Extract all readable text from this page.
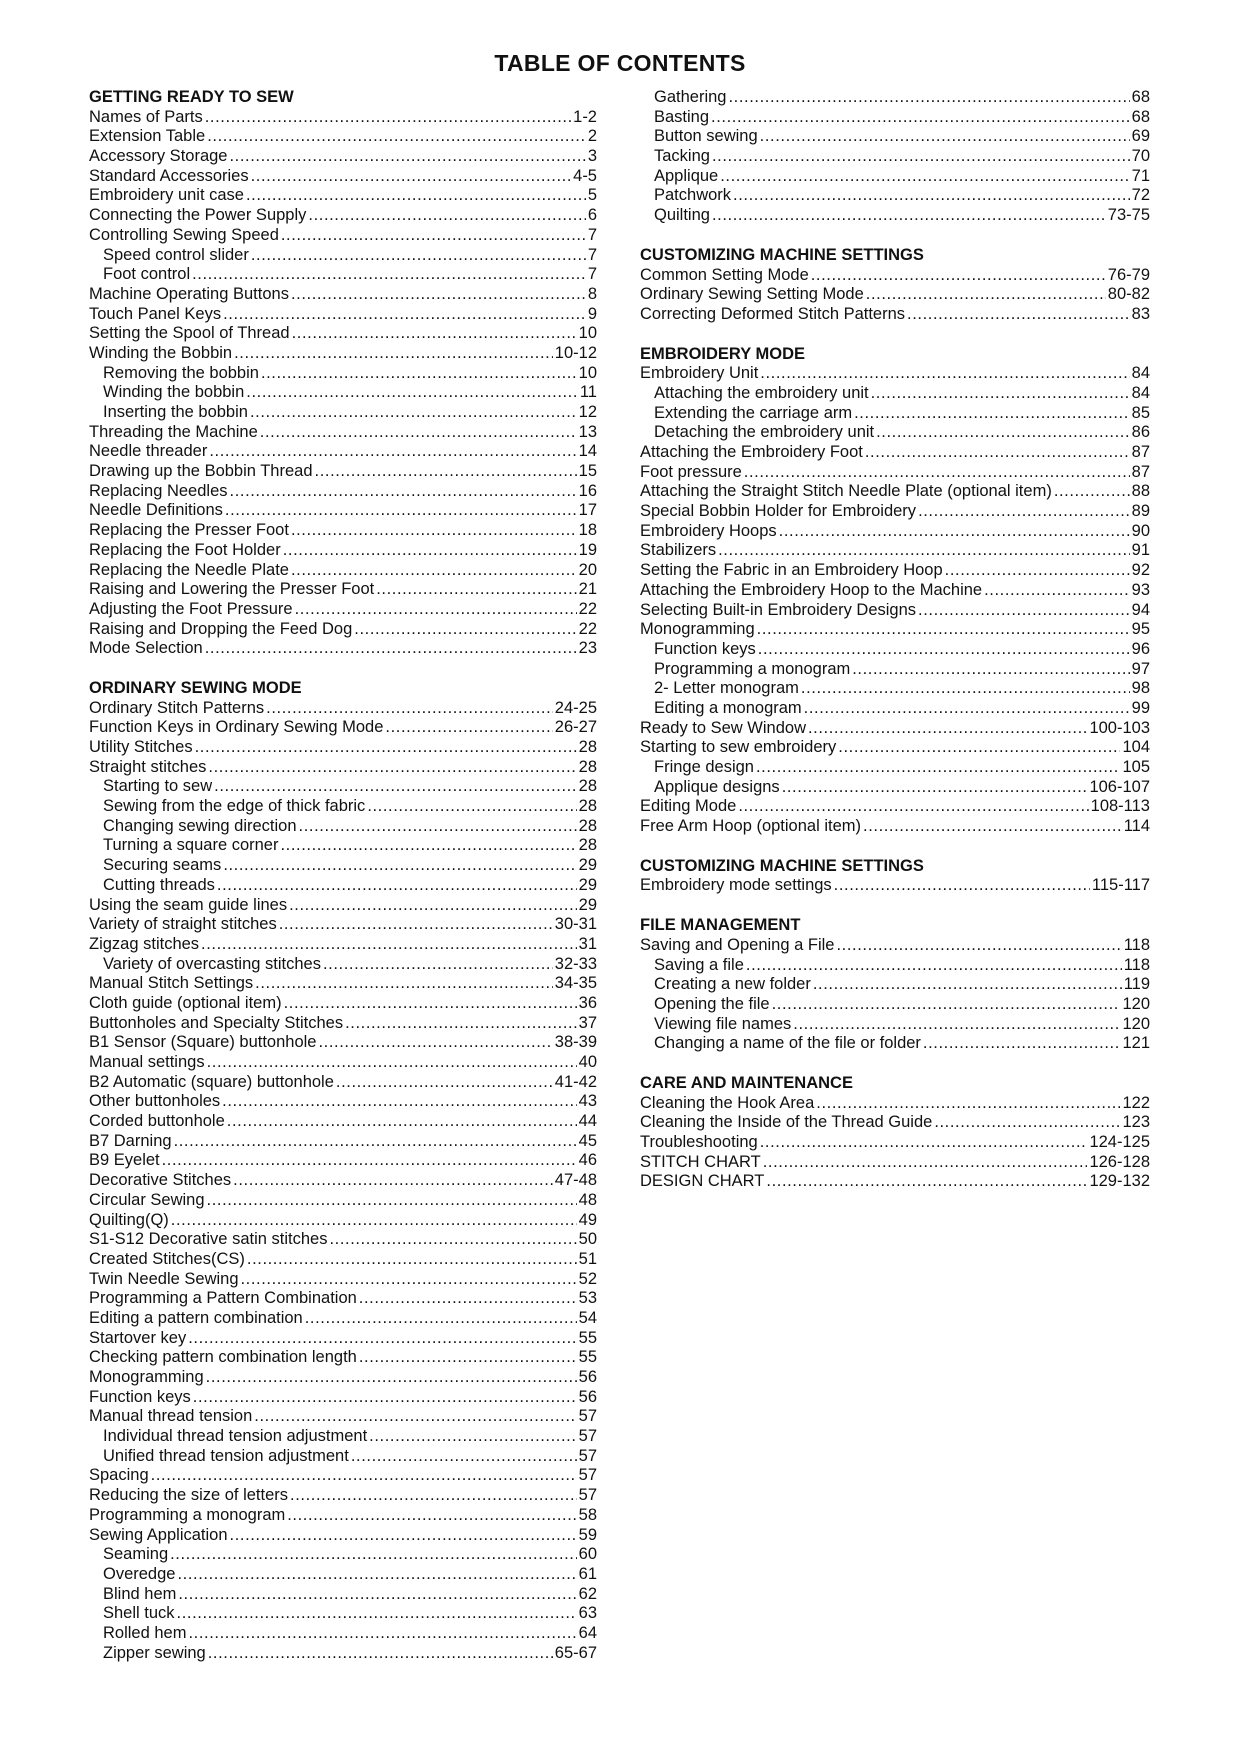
TABLE OF CONTENTS
GETTING READY TO SEW
Names of Parts .....	1-2
Extension Table .....	2
Accessory Storage .....	3
Standard Accessories .....	4-5
Embroidery unit case .....	5
Connecting the Power Supply .....	6
Controlling Sewing Speed .....	7
Speed control slider .....	7
Foot control .....	7
Machine Operating Buttons .....	8
Touch Panel Keys .....	9
Setting the Spool of Thread .....	10
Winding the Bobbin .....	10-12
Removing the bobbin .....	10
Winding the bobbin .....	11
Inserting the bobbin .....	12
Threading the Machine .....	13
Needle threader .....	14
Drawing up the Bobbin Thread .....	15
Replacing Needles .....	16
Needle Definitions .....	17
Replacing the Presser Foot .....	18
Replacing the Foot Holder .....	19
Replacing the Needle Plate .....	20
Raising and Lowering the Presser Foot .....	21
Adjusting the Foot Pressure .....	22
Raising and Dropping the Feed Dog .....	22
Mode Selection .....	23
ORDINARY SEWING MODE
Ordinary Stitch Patterns .....	24-25
Function Keys in Ordinary Sewing Mode .....	26-27
Utility Stitches .....	28
Straight stitches .....	28
Starting to sew .....	28
Sewing from the edge of thick fabric .....	28
Changing sewing direction .....	28
Turning a square corner .....	28
Securing seams .....	29
Cutting threads .....	29
Using the seam guide lines .....	29
Variety of straight stitches .....	30-31
Zigzag stitches .....	31
Variety of overcasting stitches .....	32-33
Manual Stitch Settings .....	34-35
Cloth guide (optional item) .....	36
Buttonholes and Specialty Stitches .....	37
B1 Sensor (Square) buttonhole .....	38-39
Manual settings .....	40
B2 Automatic (square) buttonhole .....	41-42
Other buttonholes .....	43
Corded buttonhole .....	44
B7 Darning .....	45
B9 Eyelet .....	46
Decorative Stitches .....	47-48
Circular Sewing .....	48
Quilting(Q) .....	49
S1-S12 Decorative satin stitches .....	50
Created Stitches(CS) .....	51
Twin Needle Sewing .....	52
Programming a Pattern Combination .....	53
Editing a pattern combination .....	54
Startover key .....	55
Checking pattern combination length .....	55
Monogramming .....	56
Function keys .....	56
Manual thread tension .....	57
Individual thread tension adjustment .....	57
Unified thread tension adjustment .....	57
Spacing .....	57
Reducing the size of letters .....	57
Programming a monogram .....	58
Sewing Application .....	59
Seaming .....	60
Overedge .....	61
Blind hem .....	62
Shell tuck .....	63
Rolled hem .....	64
Zipper sewing .....	65-67
Gathering .....	68
Basting .....	68
Button sewing .....	69
Tacking .....	70
Applique .....	71
Patchwork .....	72
Quilting .....	73-75
CUSTOMIZING MACHINE SETTINGS
Common Setting Mode .....	76-79
Ordinary Sewing Setting Mode .....	80-82
Correcting Deformed Stitch Patterns .....	83
EMBROIDERY MODE
Embroidery Unit .....	84
Attaching the embroidery unit .....	84
Extending the carriage arm .....	85
Detaching the embroidery unit .....	86
Attaching the Embroidery Foot .....	87
Foot pressure .....	87
Attaching the Straight Stitch Needle Plate (optional item) .....	88
Special Bobbin Holder for Embroidery .....	89
Embroidery Hoops .....	90
Stabilizers .....	91
Setting the Fabric in an Embroidery Hoop .....	92
Attaching the Embroidery Hoop to the Machine .....	93
Selecting Built-in Embroidery Designs .....	94
Monogramming .....	95
Function keys .....	96
Programming a monogram .....	97
2- Letter monogram .....	98
Editing a monogram .....	99
Ready to Sew Window .....	100-103
Starting to sew embroidery .....	104
Fringe design .....	105
Applique designs .....	106-107
Editing Mode .....	108-113
Free Arm Hoop (optional item) .....	114
CUSTOMIZING MACHINE SETTINGS
Embroidery mode settings .....	115-117
FILE MANAGEMENT
Saving and Opening a File .....	118
Saving a file .....	118
Creating a new folder .....	119
Opening the file .....	120
Viewing file names .....	120
Changing a name of the file or folder .....	121
CARE AND MAINTENANCE
Cleaning the Hook Area .....	122
Cleaning the Inside of the Thread Guide .....	123
Troubleshooting .....	124-125
STITCH CHART .....	126-128
DESIGN CHART .....	129-132
